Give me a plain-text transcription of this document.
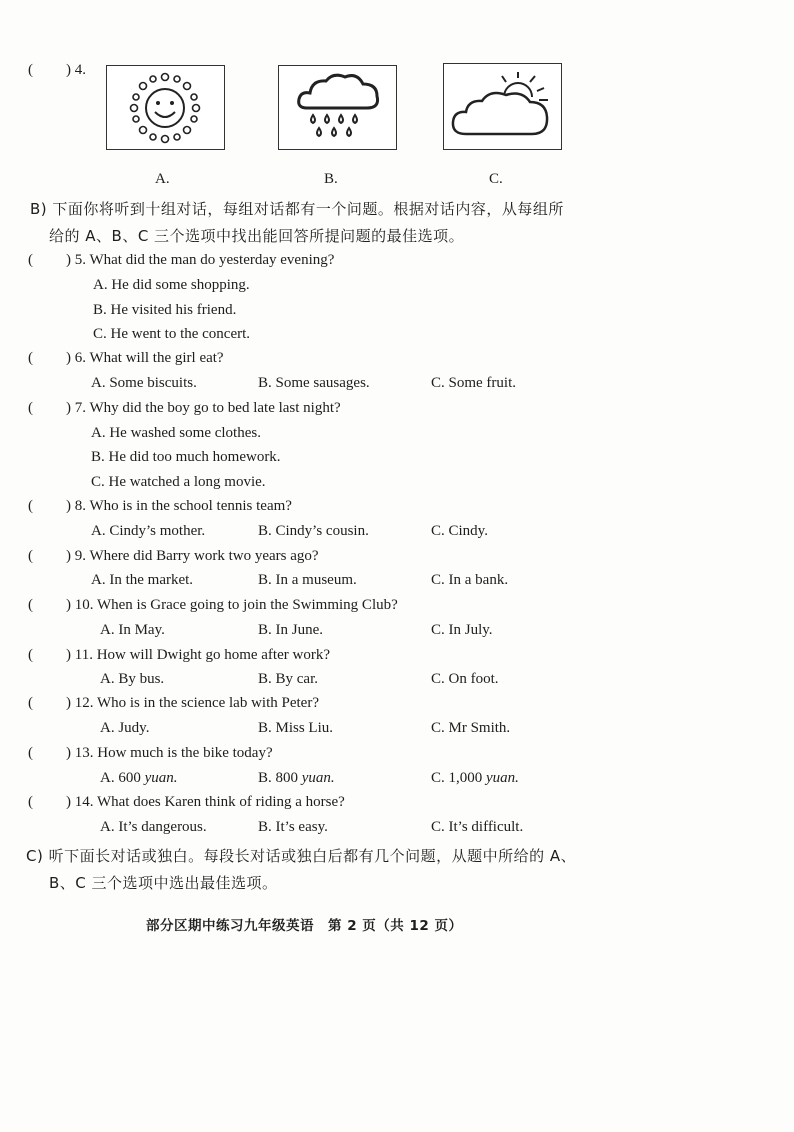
( ) 4.
A.	B.	C.
B) 下面你将听到十组对话，每组对话都有一个问题。根据对话内容，从每组所
给的 A、B、C 三个选项中找出能回答所提问题的最佳选项。
( ) 5. What did the man do yesterday evening?
A. He did some shopping.
B. He visited his friend.
C. He went to the concert.
( ) 6. What will the girl eat?
A. Some biscuits.	B. Some sausages.	C. Some fruit.
( ) 7. Why did the boy go to bed late last night?
A. He washed some clothes.
B. He did too much homework.
C. He watched a long movie.
( ) 8. Who is in the school tennis team?
A. Cindy’s mother.	B. Cindy’s cousin.	C. Cindy.
( ) 9. Where did Barry work two years ago?
A. In the market.	B. In a museum.	C. In a bank.
( ) 10. When is Grace going to join the Swimming Club?
A. In May.	B. In June.	C. In July.
( ) 11. How will Dwight go home after work?
A. By bus.	B. By car.	C. On foot.
( ) 12. Who is in the science lab with Peter?
A. Judy.	B. Miss Liu.	C. Mr Smith.
( ) 13. How much is the bike today?
A. 600 yuan.	B. 800 yuan.	C. 1,000 yuan.
( ) 14. What does Karen think of riding a horse?
A. It’s dangerous.	B. It’s easy.	C. It’s difficult.
C) 听下面长对话或独白。每段长对话或独白后都有几个问题，从题中所给的 A、
B、C 三个选项中选出最佳选项。
部分区期中练习九年级英语　第 2 页（共 12 页）
